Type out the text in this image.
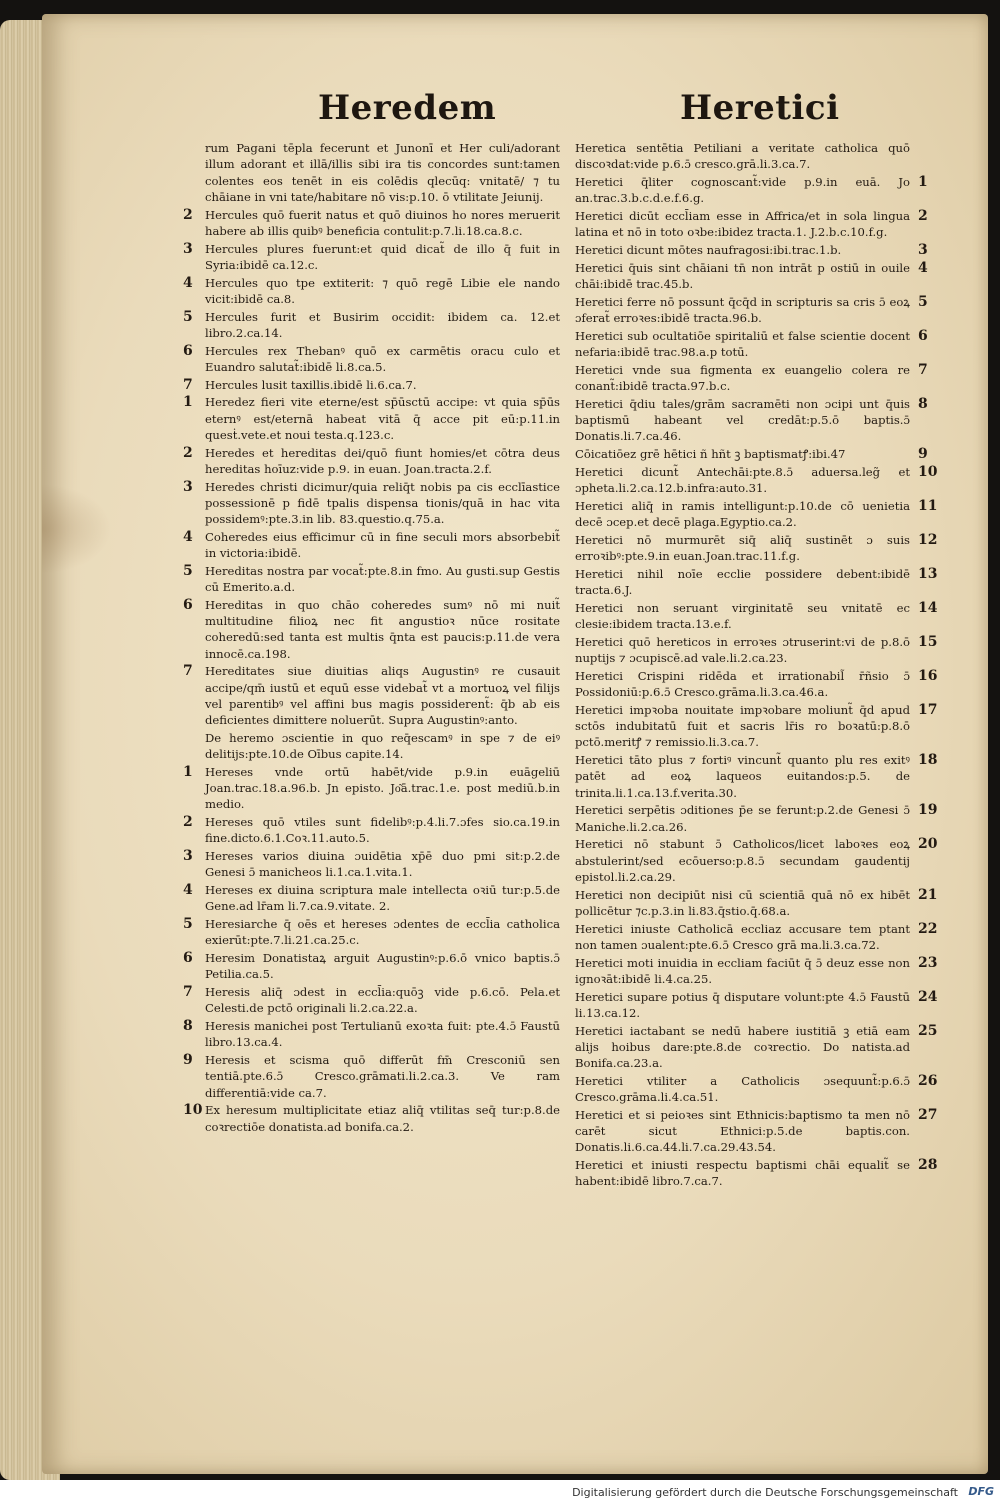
Heredem	Heretici
rum Pagani tēpla fecerunt et Junonī et Her culi/adorant illum adorant et illā/illis sibi ira tis concordes sunt:tamen colentes eos tenēt in eis colēdis qlecūq: vnitatē/ ⁊ tu chāiane in vni tate/habitare nō vis:p.10. ō vtilitate Jeiunij.
2 Hercules quō fuerit natus et quō diuinos ho nores meruerit habere ab illis quibꝰ beneficia contulit:p.7.li.18.ca.8.c.
3 Hercules plures fuerunt:et quid dicat̃ de illo q̄ fuit in Syria:ibidē ca.12.c.
4 Hercules quo tpe extiterit: ⁊ quō regē Libie ele nando vicit:ibidē ca.8.
5 Hercules furit et Busirim occidit: ibidem ca. 12.et libro.2.ca.14.
6 Hercules rex Thebanꝰ quō ex carmētis oracu culo et Euandro salutat̃:ibidē li.8.ca.5.
7 Hercules lusit taxillis.ibidē li.6.ca.7.
1 Heredez fieri vite eterne/est sp̄ūsctū accipe: vt quia sp̄ūs eternꝰ est/eternā habeat vitā q̄ acce pit eū:p.11.in quesṫ.vete.et noui testa.q.123.c.
2 Heredes et hereditas dei/quō fiunt homies/et cōtra deus hereditas hoīuz:vide p.9. in euan. Joan.tracta.2.f.
3 Heredes christi dicimur/quia reliq̄t nobis pa cis ecclīastice possessionē p fidē tpalis dispensa tionis/quā in hac vita possidemꝰ:pte.3.in lib. 83.questio.q.75.a.
4 Coheredes eius efficimur cū in fine seculi mors absorbebit̃ in victoria:ibidē.
5 Hereditas nostra par vocat̃:pte.8.in fmo. Au gusti.sup Gestis cū Emerito.a.d.
6 Hereditas in quo chāo coheredes sumꝰ nō mi nuit̃ multitudine filioꝝ nec fit angustioꝛ nūce rositate coheredū:sed tanta est multis q̄nta est paucis:p.11.de vera innocē.ca.198.
7 Hereditates siue diuitias aliqs Augustinꝰ re cusauit accipe/qm̄ iustū et equū esse videbat̃ vt a mortuoꝝ vel filijs vel parentibꝰ vel affini bus magis possiderent̃: q̄b ab eis deficientes dimittere noluerūt. Supra Augustinꝰ:anto.
De heremo ɔscientie in quo req̄escamꝰ in spe ⁊ de eiꝰ delitijs:pte.10.de Oībus capite.14.
1 Hereses vnde ortū habēt/vide p.9.in euāgeliū Joan.trac.18.a.96.b. Jn episto. Jo͂ā.trac.1.e. post mediū.b.in medio.
2 Hereses quō vtiles sunt fidelibꝰ:p.4.li.7.ɔfes sio.ca.19.in fine.dicto.6.1.Coꝛ.11.auto.5.
3 Hereses varios diuina ɔuidētia xp̄ē duo pmi sit:p.2.de Genesi ɔ̄ manicheos li.1.ca.1.vita.1.
4 Hereses ex diuina scriptura male intellecta oꝛiū tur:p.5.de Gene.ad lr̄am li.7.ca.9.vitate. 2.
5 Heresiarche q̄ oēs et hereses ɔdentes de eccl̄ia catholica exierūt:pte.7.li.21.ca.25.c.
6 Heresim Donatistaꝝ arguit Augustinꝰ:p.6.ō vnico baptis.ɔ̄ Petilia.ca.5.
7 Heresis aliq̄ ɔdest in eccl̄ia:quōꝫ vide p.6.cō. Pela.et Celesti.de pctō originali li.2.ca.22.a.
8 Heresis manichei post Tertulianū exoꝛta fuit: pte.4.ɔ̄ Faustū libro.13.ca.4.
9 Heresis et scisma quō differūt fm̄ Cresconiū sen tentiā.pte.6.ɔ̄ Cresco.grāmati.li.2.ca.3. Ve ram differentiā:vide ca.7.
10 Ex heresum multiplicitate etiaz aliq̄ vtilitas seq̄ tur:p.8.de coꝛrectiōe donatista.ad bonifa.ca.2.
Heretica sentētia Petiliani a veritate catholica quō discoꝛdat:vide p.6.ɔ̄ cresco.grā.li.3.ca.7.
1
Heretici q̄liter cognoscant̃:vide p.9.in euā. Jo an.trac.3.b.c.d.e.f.6.g.
2
Heretici dicūt eccl̄iam esse in Affrica/et in sola lingua latina et nō in toto oꝛbe:ibidez tracta.1. J.2.b.c.10.f.g.
3
Heretici dicunt mōtes naufragosi:ibi.trac.1.b.
4
Heretici q̄uis sint chāiani tn̄ non intrāt p ostiū in ouile chāi:ibidē trac.45.b.
5
Heretici ferre nō possunt q̄cq̄d in scripturis sa cris ɔ̄ eoꝝ ɔferat̃ erroꝛes:ibidē tracta.96.b.
6
Heretici sub ocultatiōe spiritaliū et false scientie docent nefaria:ibidē trac.98.a.p totū.
7
Heretici vnde sua figmenta ex euangelio colera re conant̃:ibidē tracta.97.b.c.
8
Heretici q̄diu tales/grām sacramēti non ɔcipi unt q̄uis baptismū habeant vel credāt:p.5.ō baptis.ɔ̄ Donatis.li.7.ca.46.
9
Cōicatiōez grē hētici ñ hñt ꝫ baptismatꝭ:ibi.47
10
Heretici dicunt̃ Antechāi:pte.8.ɔ̄ aduersa.leg̃ et ɔpheta.li.2.ca.12.b.infra:auto.31.
11
Heretici aliq̄ in ramis intelligunt:p.10.de cō uenietia decē ɔcep.et decē plaga.Egyptio.ca.2.
12
Heretici nō murmurēt siq̄ aliq̄ sustinēt ɔ suis erroꝛibꝰ:pte.9.in euan.Joan.trac.11.f.g.
13
Heretici nihil noīe ecclie possidere debent:ibidē tracta.6.J.
14
Heretici non seruant virginitatē seu vnitatē ec clesie:ibidem tracta.13.e.f.
15
Heretici quō hereticos in erroꝛes ɔtruserint:vi de p.8.ō nuptijs ⁊ ɔcupiscē.ad vale.li.2.ca.23.
16
Heretici Crispini ridēda et irrationabil̃ r̄ñsio ɔ̄ Possidoniū:p.6.ɔ̄ Cresco.grāma.li.3.ca.46.a.
17
Heretici impꝛoba nouitate impꝛobare moliunt̃ q̄d apud sctōs indubitatū fuit et sacris lr̄is ro boꝛatū:p.8.ō pctō.meritꝭ ⁊ remissio.li.3.ca.7.
18
Heretici tāto plus ⁊ fortiꝰ vincunt̃ quanto plu res exitꝰ patēt ad eoꝝ laqueos euitandos:p.5. de trinita.li.1.ca.13.f.verita.30.
19
Heretici serpētis ɔditiones p̄e se ferunt:p.2.de Genesi ɔ̄ Maniche.li.2.ca.26.
20
Heretici nō stabunt ɔ̄ Catholicos/licet laboꝛes eoꝝ abstulerint/sed ecōuerso:p.8.ɔ̄ secundam gaudentij epistol.li.2.ca.29.
21
Heretici non decipiūt nisi cū scientiā quā nō ex hibēt pollicētur ⁊c.p.3.in li.83.q̄stio.q̄.68.a.
22
Heretici iniuste Catholicā eccliaz accusare tem ptant non tamen ɔualent:pte.6.ɔ̄ Cresco grā ma.li.3.ca.72.
23
Heretici moti inuidia in eccliam faciūt q̄ ɔ̄ deuz esse non ignoꝛāt:ibidē li.4.ca.25.
24
Heretici supare potius q̄ disputare volunt:pte 4.ɔ̄ Faustū li.13.ca.12.
25
Heretici iactabant se nedū habere iustitiā ꝫ etiā eam alijs hoibus dare:pte.8.de coꝛrectio. Do natista.ad Bonifa.ca.23.a.
26
Heretici vtiliter a Catholicis ɔsequunt̃:p.6.ɔ̄ Cresco.grāma.li.4.ca.51.
27
Heretici et si peioꝛes sint Ethnicis:baptismo ta men nō carēt sicut Ethnici:p.5.de baptis.con. Donatis.li.6.ca.44.li.7.ca.29.43.54.
28
Heretici et iniusti respectu baptismi chāi equalit̃ se habent:ibidē libro.7.ca.7.
Digitalisierung gefördert durch die Deutsche Forschungsgemeinschaft DFG
